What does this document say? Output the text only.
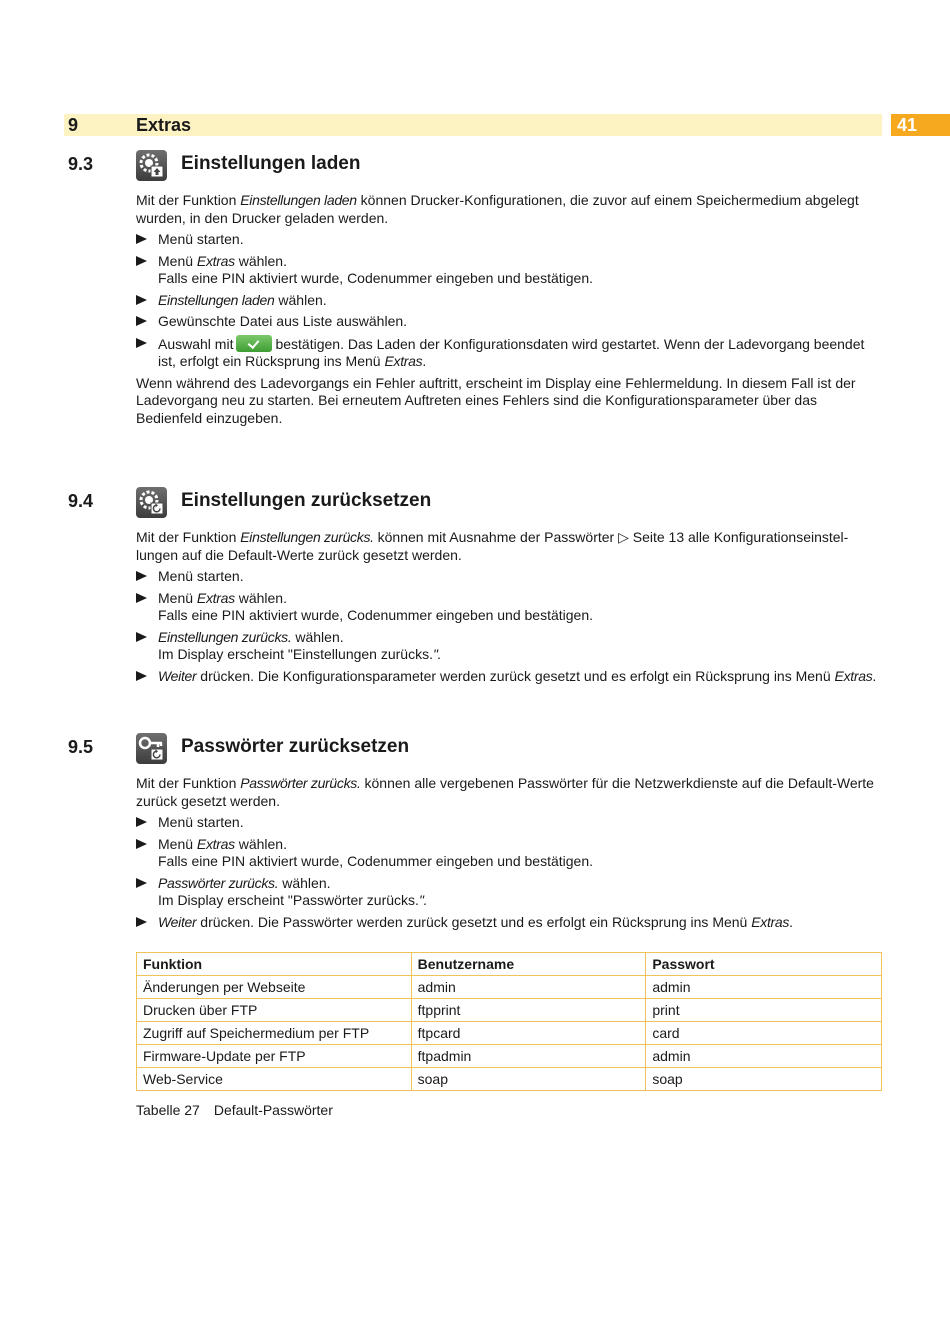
9	Extras	41
9.3	Einstellungen laden

Mit der Funktion Einstellungen laden können Drucker-Konfigurationen, die zuvor auf einem Speichermedium abgelegt wurden, in den Drucker geladen werden.

Menü starten.

Menü Extras wählen.
Falls eine PIN aktiviert wurde, Codenummer eingeben und bestätigen.

Einstellungen laden wählen.

Gewünschte Datei aus Liste auswählen.

Auswahl mit	bestätigen. Das Laden der Konfigurationsdaten wird gestartet. Wenn der Ladevorgang beendet ist, erfolgt ein Rücksprung ins Menü Extras.

Wenn während des Ladevorgangs ein Fehler auftritt, erscheint im Display eine Fehlermeldung. In diesem Fall ist der Ladevorgang neu zu starten. Bei erneutem Auftreten eines Fehlers sind die Konfigurationsparameter über das Bedienfeld einzugeben.

9.4	Einstellungen zurücksetzen

Mit der Funktion Einstellungen zurücks. können mit Ausnahme der Passwörter ▷ Seite 13 alle Konfigurationseinstel-lungen auf die Default-Werte zurück gesetzt werden.

Menü starten.

Menü Extras wählen.
Falls eine PIN aktiviert wurde, Codenummer eingeben und bestätigen.

Einstellungen zurücks. wählen.
Im Display erscheint "Einstellungen zurücks.".

Weiter drücken. Die Konfigurationsparameter werden zurück gesetzt und es erfolgt ein Rücksprung ins Menü Extras.

9.5	Passwörter zurücksetzen

Mit der Funktion Passwörter zurücks. können alle vergebenen Passwörter für die Netzwerkdienste auf die Default-Werte zurück gesetzt werden.

Menü starten.

Menü Extras wählen.
Falls eine PIN aktiviert wurde, Codenummer eingeben und bestätigen.

Passwörter zurücks. wählen.
Im Display erscheint "Passwörter zurücks.".

Weiter drücken. Die Passwörter werden zurück gesetzt und es erfolgt ein Rücksprung ins Menü Extras.

Funktion	Benutzername	Passwort
Änderungen per Webseite	admin	admin
Drucken über FTP	ftpprint	print
Zugriff auf Speichermedium per FTP	ftpcard	card
Firmware-Update per FTP	ftpadmin	admin
Web-Service	soap	soap
Tabelle 27 Default-Passwörter
